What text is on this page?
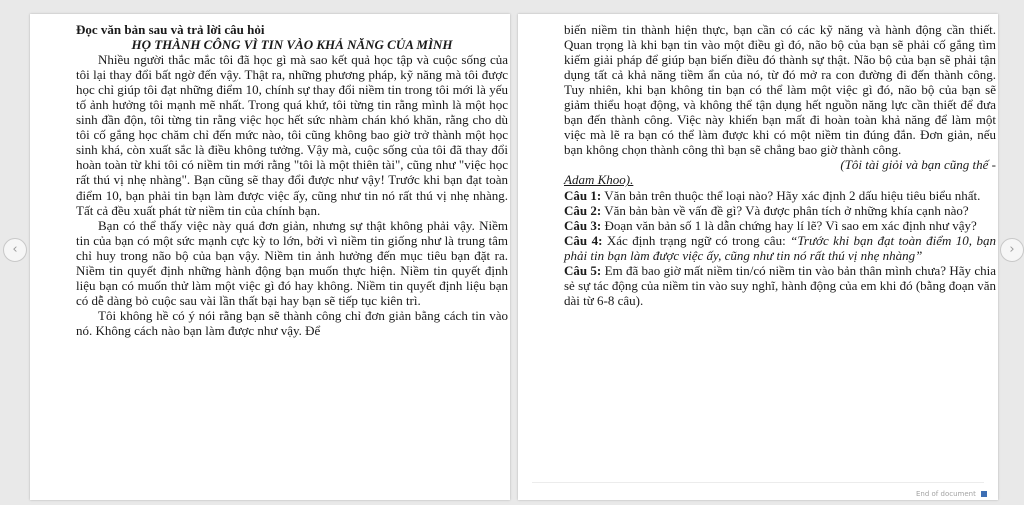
Đọc văn bản sau và trả lời câu hỏi

HỌ THÀNH CÔNG VÌ TIN VÀO KHẢ NĂNG CỦA MÌNH

Nhiều người thắc mắc tôi đã học gì mà sao kết quả học tập và cuộc sống của tôi lại thay đổi bất ngờ đến vậy. Thật ra, những phương pháp, kỹ năng mà tôi được học chỉ giúp tôi đạt những điểm 10, chính sự thay đổi niềm tin trong tôi mới là yếu tố ảnh hưởng tôi mạnh mẽ nhất. Trong quá khứ, tôi từng tin rằng mình là một học sinh đần độn, tôi từng tin rằng việc học hết sức nhàm chán khó khăn, rằng cho dù tôi cố gắng học chăm chỉ đến mức nào, tôi cũng không bao giờ trở thành một học sinh khá, còn xuất sắc là điều không tưởng. Vậy mà, cuộc sống của tôi đã thay đổi hoàn toàn từ khi tôi có niềm tin mới rằng "tôi là một thiên tài", cũng như "việc học rất thú vị nhẹ nhàng". Bạn cũng sẽ thay đổi được như vậy! Trước khi bạn đạt toàn điểm 10, bạn phải tin bạn làm được việc ấy, cũng như tin nó rất thú vị nhẹ nhàng. Tất cả đều xuất phát từ niềm tin của chính bạn.

Bạn có thể thấy việc này quá đơn giản, nhưng sự thật không phải vậy. Niềm tin của bạn có một sức mạnh cực kỳ to lớn, bởi vì niềm tin giống như là trung tâm chỉ huy trong não bộ của bạn vậy. Niềm tin ảnh hưởng đến mục tiêu bạn đặt ra. Niềm tin quyết định những hành động bạn muốn thực hiện. Niềm tin quyết định liệu bạn có muốn thử làm một việc gì đó hay không. Niềm tin quyết định liệu bạn có dễ dàng bỏ cuộc sau vài lần thất bại hay bạn sẽ tiếp tục kiên trì.

Tôi không hề có ý nói rằng bạn sẽ thành công chỉ đơn giản bằng cách tin vào nó. Không cách nào bạn làm được như vậy. Để

biến niềm tin thành hiện thực, bạn cần có các kỹ năng và hành động cần thiết. Quan trọng là khi bạn tin vào một điều gì đó, não bộ của bạn sẽ phải cố gắng tìm kiếm giải pháp để giúp bạn biến điều đó thành sự thật. Não bộ của bạn sẽ phải tận dụng tất cả khả năng tiềm ẩn của nó, từ đó mở ra con đường đi đến thành công. Tuy nhiên, khi bạn không tin bạn có thể làm một việc gì đó, não bộ của bạn sẽ giảm thiểu hoạt động, và không thể tận dụng hết nguồn năng lực cần thiết để đưa bạn đến thành công. Việc này khiến bạn mất đi hoàn toàn khả năng để làm một việc mà lẽ ra bạn có thể làm được khi có một niềm tin đúng đắn. Đơn giản, nếu bạn không chọn thành công thì bạn sẽ chẳng bao giờ thành công.

(Tôi tài giỏi và bạn cũng thế -

Adam Khoo).

Câu 1: Văn bản trên thuộc thể loại nào? Hãy xác định 2 dấu hiệu tiêu biểu nhất.

Câu 2: Văn bản bàn về vấn đề gì? Và được phân tích ở những khía cạnh nào?

Câu 3: Đoạn văn bản số 1 là dẫn chứng hay lí lẽ? Vì sao em xác định như vậy?

Câu 4: Xác định trạng ngữ có trong câu: “Trước khi bạn đạt toàn điểm 10, bạn phải tin bạn làm được việc ấy, cũng như tin nó rất thú vị nhẹ nhàng”

Câu 5: Em đã bao giờ mất niềm tin/có niềm tin vào bản thân mình chưa? Hãy chia sẻ sự tác động của niềm tin vào suy nghĩ, hành động của em khi đó (bằng đoạn văn dài từ 6-8 câu).

‹	›
End of document
